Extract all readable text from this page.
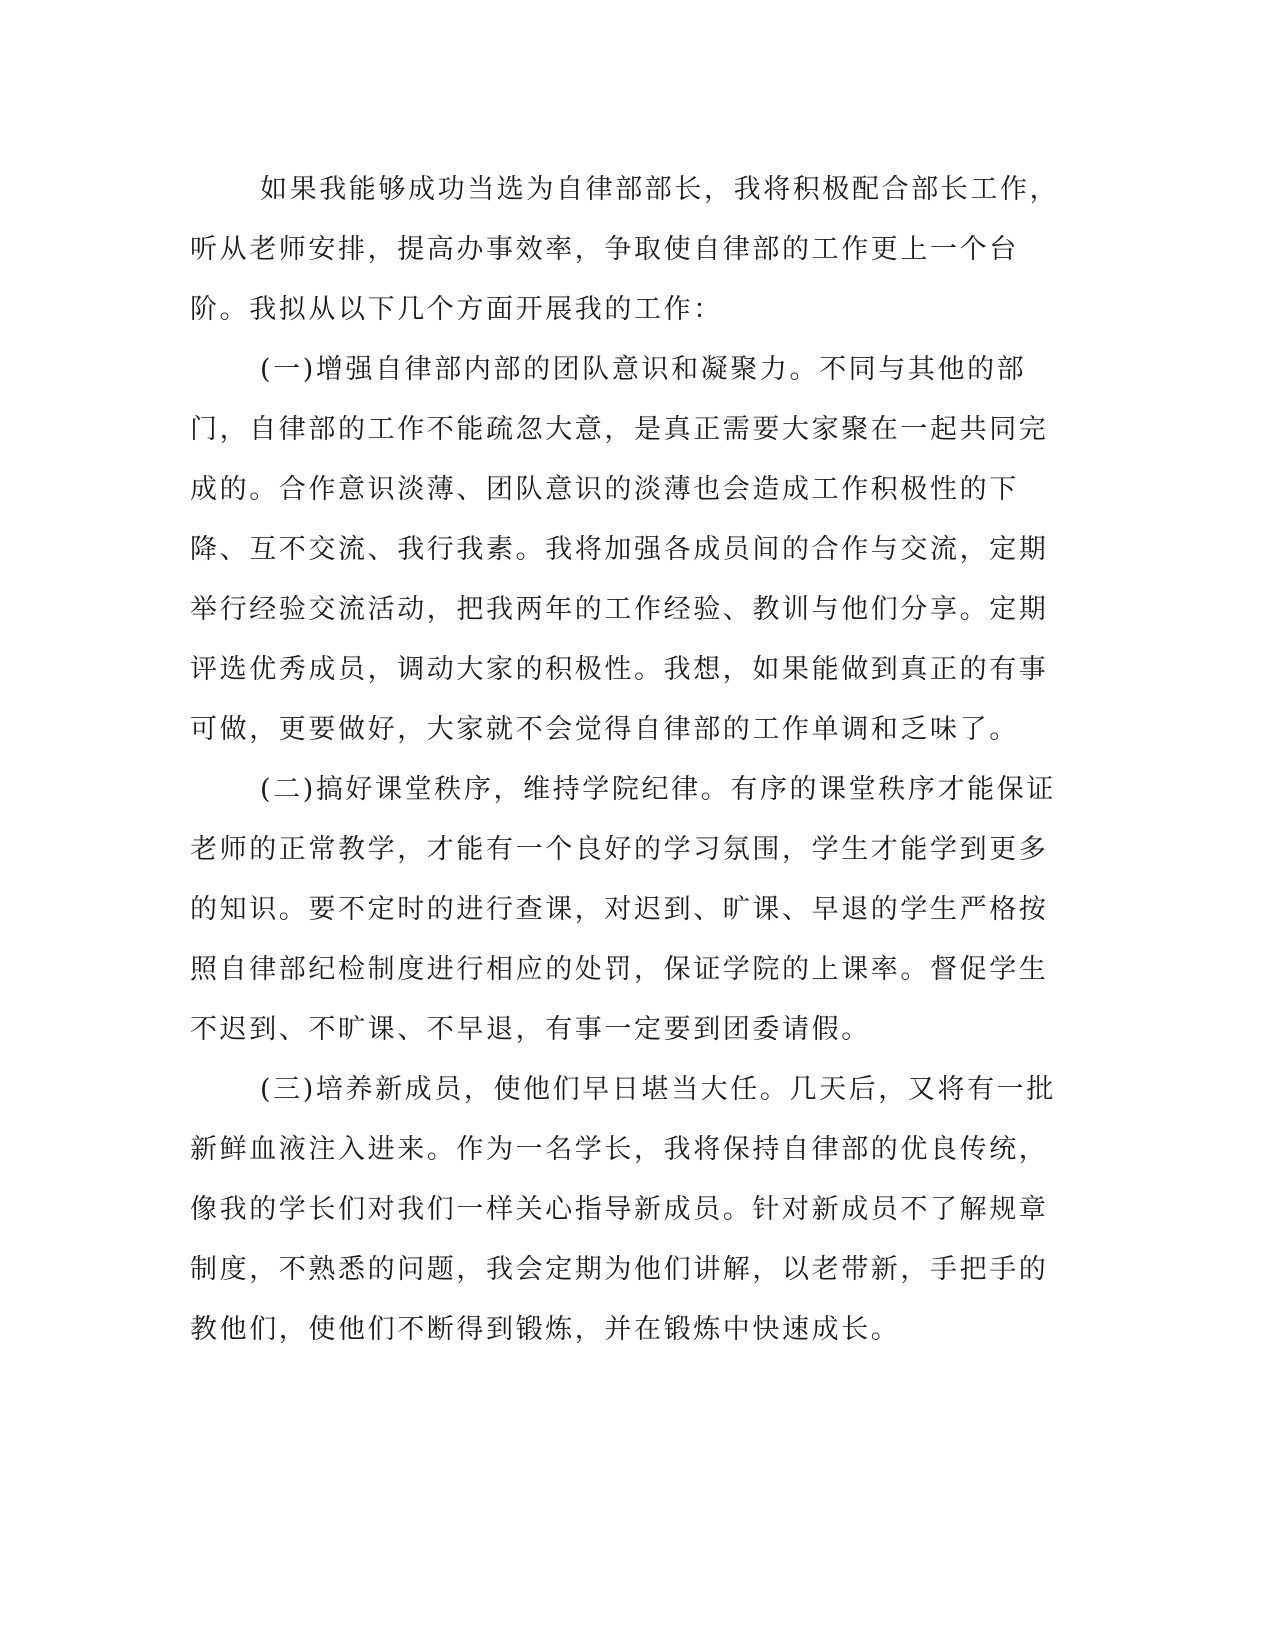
如果我能够成功当选为自律部部长，我将积极配合部长工作，听从老师安排，提高办事效率，争取使自律部的工作更上一个台阶。我拟从以下几个方面开展我的工作：

(一)增强自律部内部的团队意识和凝聚力。不同与其他的部门，自律部的工作不能疏忽大意，是真正需要大家聚在一起共同完成的。合作意识淡薄、团队意识的淡薄也会造成工作积极性的下降、互不交流、我行我素。我将加强各成员间的合作与交流，定期举行经验交流活动，把我两年的工作经验、教训与他们分享。定期评选优秀成员，调动大家的积极性。我想，如果能做到真正的有事可做，更要做好，大家就不会觉得自律部的工作单调和乏味了。

(二)搞好课堂秩序，维持学院纪律。有序的课堂秩序才能保证老师的正常教学，才能有一个良好的学习氛围，学生才能学到更多的知识。要不定时的进行查课，对迟到、旷课、早退的学生严格按照自律部纪检制度进行相应的处罚，保证学院的上课率。督促学生不迟到、不旷课、不早退，有事一定要到团委请假。

(三)培养新成员，使他们早日堪当大任。几天后，又将有一批新鲜血液注入进来。作为一名学长，我将保持自律部的优良传统，像我的学长们对我们一样关心指导新成员。针对新成员不了解规章制度，不熟悉的问题，我会定期为他们讲解，以老带新，手把手的教他们，使他们不断得到锻炼，并在锻炼中快速成长。
